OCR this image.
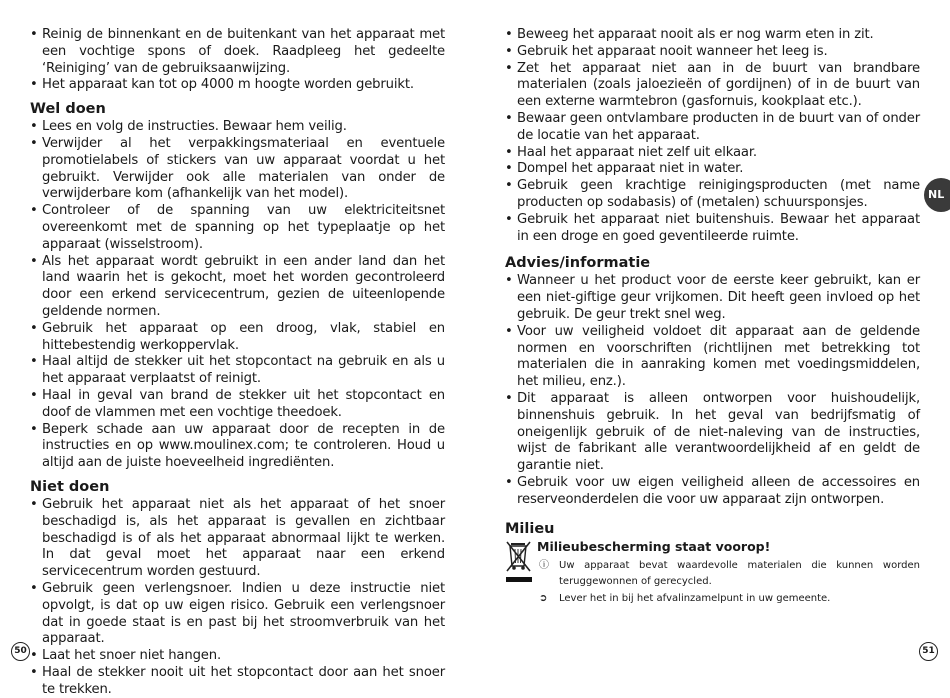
• Reinig de binnenkant en de buitenkant van het apparaat met een vochtige spons of doek. Raadpleeg het gedeelte ‘Reiniging’ van de gebruiksaanwijzing.
• Het apparaat kan tot op 4000 m hoogte worden gebruikt.
Wel doen
• Lees en volg de instructies. Bewaar hem veilig.
• Verwijder al het verpakkingsmateriaal en eventuele promotielabels of stickers van uw apparaat voordat u het gebruikt. Verwijder ook alle materialen van onder de verwijderbare kom (afhankelijk van het model).
• Controleer of de spanning van uw elektriciteitsnet overeenkomt met de spanning op het typeplaatje op het apparaat (wisselstroom).
• Als het apparaat wordt gebruikt in een ander land dan het land waarin het is gekocht, moet het worden gecontroleerd door een erkend servicecentrum, gezien de uiteenlopende geldende normen.
• Gebruik het apparaat op een droog, vlak, stabiel en hittebestendig werkoppervlak.
• Haal altijd de stekker uit het stopcontact na gebruik en als u het apparaat verplaatst of reinigt.
• Haal in geval van brand de stekker uit het stopcontact en doof de vlammen met een vochtige theedoek.
• Beperk schade aan uw apparaat door de recepten in de instructies en op www.moulinex.com; te controleren. Houd u altijd aan de juiste hoeveelheid ingrediënten.
Niet doen
• Gebruik het apparaat niet als het apparaat of het snoer beschadigd is, als het apparaat is gevallen en zichtbaar beschadigd is of als het apparaat abnormaal lijkt te werken. In dat geval moet het apparaat naar een erkend servicecentrum worden gestuurd.
• Gebruik geen verlengsnoer. Indien u deze instructie niet opvolgt, is dat op uw eigen risico. Gebruik een verlengsnoer dat in goede staat is en past bij het stroomverbruik van het apparaat.
• Laat het snoer niet hangen.
• Haal de stekker nooit uit het stopcontact door aan het snoer te trekken.
• Beweeg het apparaat nooit als er nog warm eten in zit.
• Gebruik het apparaat nooit wanneer het leeg is.
• Zet het apparaat niet aan in de buurt van brandbare materialen (zoals jaloezieën of gordijnen) of in de buurt van een externe warmtebron (gasfornuis, kookplaat etc.).
• Bewaar geen ontvlambare producten in de buurt van of onder de locatie van het apparaat.
• Haal het apparaat niet zelf uit elkaar.
• Dompel het apparaat niet in water.
• Gebruik geen krachtige reinigingsproducten (met name producten op sodabasis) of (metalen) schuursponsjes.
• Gebruik het apparaat niet buitenshuis. Bewaar het apparaat in een droge en goed geventileerde ruimte.
Advies/informatie
• Wanneer u het product voor de eerste keer gebruikt, kan er een niet-giftige geur vrijkomen. Dit heeft geen invloed op het gebruik. De geur trekt snel weg.
• Voor uw veiligheid voldoet dit apparaat aan de geldende normen en voorschriften (richtlijnen met betrekking tot materialen die in aanraking komen met voedingsmiddelen, het milieu, enz.).
• Dit apparaat is alleen ontworpen voor huishoudelijk, binnenshuis gebruik. In het geval van bedrijfsmatig of oneigenlijk gebruik of de niet-naleving van de instructies, wijst de fabrikant alle verantwoordelijkheid af en geldt de garantie niet.
• Gebruik voor uw eigen veiligheid alleen de accessoires en reserveonderdelen die voor uw apparaat zijn ontworpen.
Milieu
Milieubescherming staat voorop!
ⓘ Uw apparaat bevat waardevolle materialen die kunnen worden teruggewonnen of gerecycled.
➲ Lever het in bij het afvalinzamelpunt in uw gemeente.
NL
50	51
